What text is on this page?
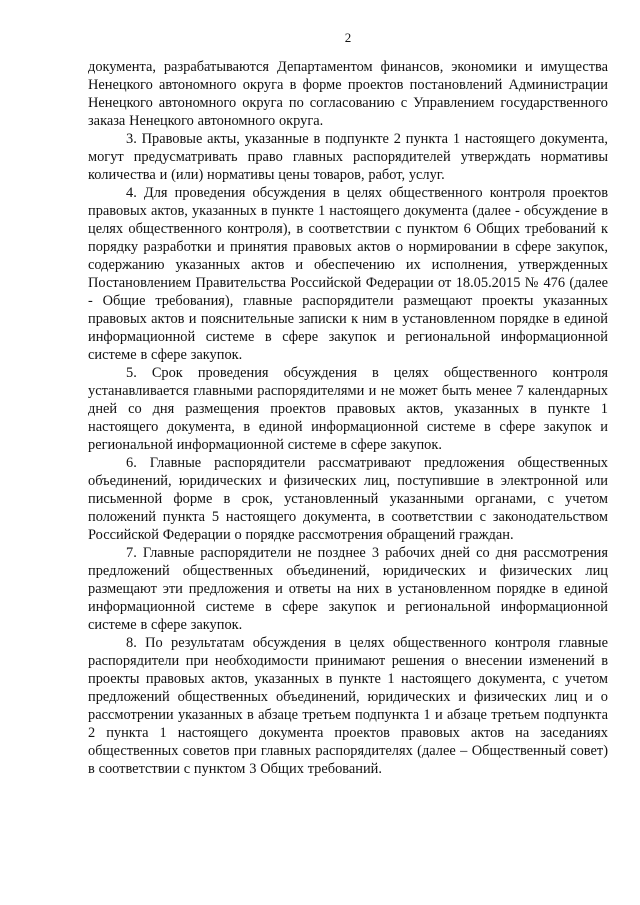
2

документа, разрабатываются Департаментом финансов, экономики и имущества Ненецкого автономного округа в форме проектов постановлений Администрации Ненецкого автономного округа по согласованию с Управлением государственного заказа Ненецкого автономного округа.

3. Правовые акты, указанные в подпункте 2 пункта 1 настоящего документа, могут предусматривать право главных распорядителей утверждать нормативы количества и (или) нормативы цены товаров, работ, услуг.

4. Для проведения обсуждения в целях общественного контроля проектов правовых актов, указанных в пункте 1 настоящего документа (далее - обсуждение в целях общественного контроля), в соответствии с пунктом 6 Общих требований к порядку разработки и принятия правовых актов о нормировании в сфере закупок, содержанию указанных актов и обеспечению их исполнения, утвержденных Постановлением Правительства Российской Федерации от 18.05.2015 № 476 (далее - Общие требования), главные распорядители размещают проекты указанных правовых актов и пояснительные записки к ним в установленном порядке в единой информационной системе в сфере закупок и региональной информационной системе в сфере закупок.

5. Срок проведения обсуждения в целях общественного контроля устанавливается главными распорядителями и не может быть менее 7 календарных дней со дня размещения проектов правовых актов, указанных в пункте 1 настоящего документа, в единой информационной системе в сфере закупок и региональной информационной системе в сфере закупок.

6. Главные распорядители рассматривают предложения общественных объединений, юридических и физических лиц, поступившие в электронной или письменной форме в срок, установленный указанными органами, с учетом положений пункта 5 настоящего документа, в соответствии с законодательством Российской Федерации о порядке рассмотрения обращений граждан.

7. Главные распорядители не позднее 3 рабочих дней со дня рассмотрения предложений общественных объединений, юридических и физических лиц размещают эти предложения и ответы на них в установленном порядке в единой информационной системе в сфере закупок и региональной информационной системе в сфере закупок.

8. По результатам обсуждения в целях общественного контроля главные распорядители при необходимости принимают решения о внесении изменений в проекты правовых актов, указанных в пункте 1 настоящего документа, с учетом предложений общественных объединений, юридических и физических лиц и о рассмотрении указанных в абзаце третьем подпункта 1 и абзаце третьем подпункта 2 пункта 1 настоящего документа проектов правовых актов на заседаниях общественных советов при главных распорядителях (далее – Общественный совет) в соответствии с пунктом 3 Общих требований.
